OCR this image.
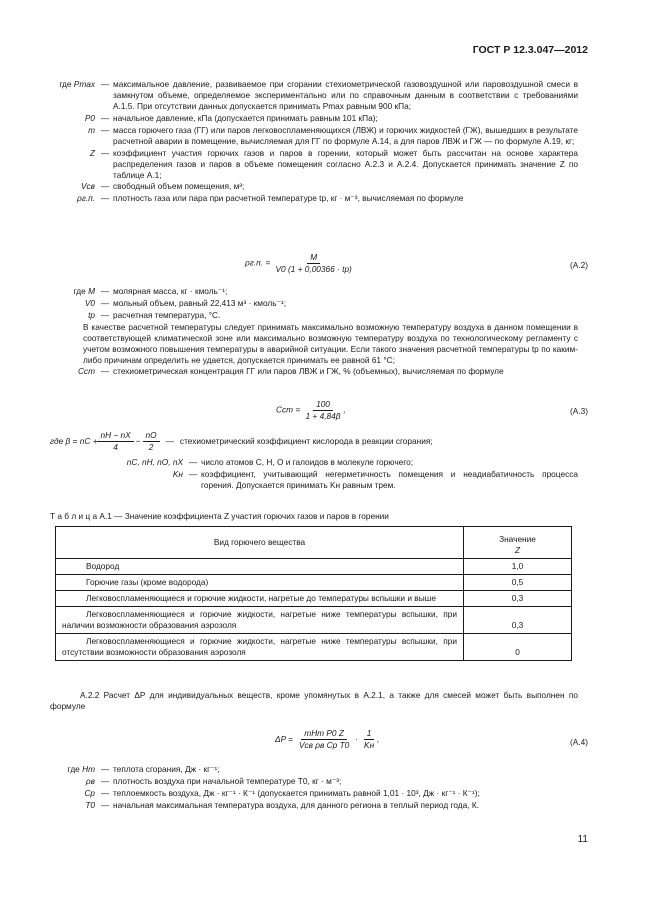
ГОСТ Р 12.3.047—2012
где Pmax — максимальное давление, развиваемое при сгорании стехиометрической газовоздушной или паровоздушной смеси в замкнутом объеме, определяемое экспериментально или по справочным данным в соответствии с требованиями А.1.5. При отсутствии данных допускается принимать Pmax равным 900 кПа;
P0 — начальное давление, кПа (допускается принимать равным 101 кПа);
m — масса горючего газа (ГГ) или паров легковоспламеняющихся (ЛВЖ) и горючих жидкостей (ГЖ), вышедших в результате расчетной аварии в помещение, вычисляемая для ГГ по формуле А.14, а для паров ЛВЖ и ГЖ — по формуле А.19, кг;
Z — коэффициент участия горючих газов и паров в горении, который может быть рассчитан на основе характера распределения газов и паров в объеме помещения согласно А.2.3 и А.2.4. Допускается принимать значение Z по таблице А.1;
Vсв — свободный объем помещения, м³;
ρг.п. — плотность газа или пара при расчетной температуре tр, кг · м⁻³, вычисляемая по формуле
ρг.п. = $\frac{M}{V0 (1 + 0,00366 \cdot tр)}$	(А.2)
где M — молярная масса, кг · кмоль⁻¹;
V0 — мольный объем, равный 22,413 м³ · кмоль⁻¹;
tр — расчетная температура, °С.
В качестве расчетной температуры следует принимать максимально возможную температуру воздуха в данном помещении в соответствующей климатической зоне или максимально возможную температуру воздуха по технологическому регламенту с учетом возможного повышения температуры в аварийной ситуации. Если такого значения расчетной температуры tр по каким-либо причинам определить не удается, допускается принимать ее равной 61 °С;
Cст — стехиометрическая концентрация ГГ или паров ЛВЖ и ГЖ, % (объемных), вычисляемая по формуле
Cст = $\frac{100}{1 + 4,84\beta}$ ,	(А.3)
где β = nC + $\frac{nН - nX}{4} - \frac{nО}{2}$ — стехиометрический коэффициент кислорода в реакции сгорания;
nC, nН, nО, nX — число атомов С, Н, О и галоидов в молекуле горючего;
Kн — коэффициент, учитывающий негерметичность помещения и неадиабатичность процесса горения. Допускается принимать Kн равным трем.
Т а б л и ц а А.1 — Значение коэффициента Z участия горючих газов и паров в горении
Вид горючего вещества	Значение
Z
Водород	1,0
Горючие газы (кроме водорода)	0,5
Легковоспламеняющиеся и горючие жидкости, нагретые до температуры вспышки и выше	0,3
Легковоспламеняющиеся и горючие жидкости, нагретые ниже температуры вспышки, при наличии возможности образования аэрозоля	0,3
Легковоспламеняющиеся и горючие жидкости, нагретые ниже температуры вспышки, при отсутствии возможности образования аэрозоля	0
А.2.2 Расчет ΔP для индивидуальных веществ, кроме упомянутых в А.2.1, а также для смесей может быть выполнен по формуле
$\Delta P = \frac{\text{mHт P0 Z}}{\text{Vсв ρв Cр T0}} \cdot \frac{1}{Kн}$ ,	(А.4)
где Hт — теплота сгорания, Дж · кг⁻¹;
ρв — плотность воздуха при начальной температуре T0, кг · м⁻³;
Cр — теплоемкость воздуха, Дж · кг⁻¹ · К⁻¹ (допускается принимать равной 1,01 · 10³, Дж · кг⁻¹ · К⁻¹);
T0 — начальная максимальная температура воздуха, для данного региона в теплый период года, К.
11
